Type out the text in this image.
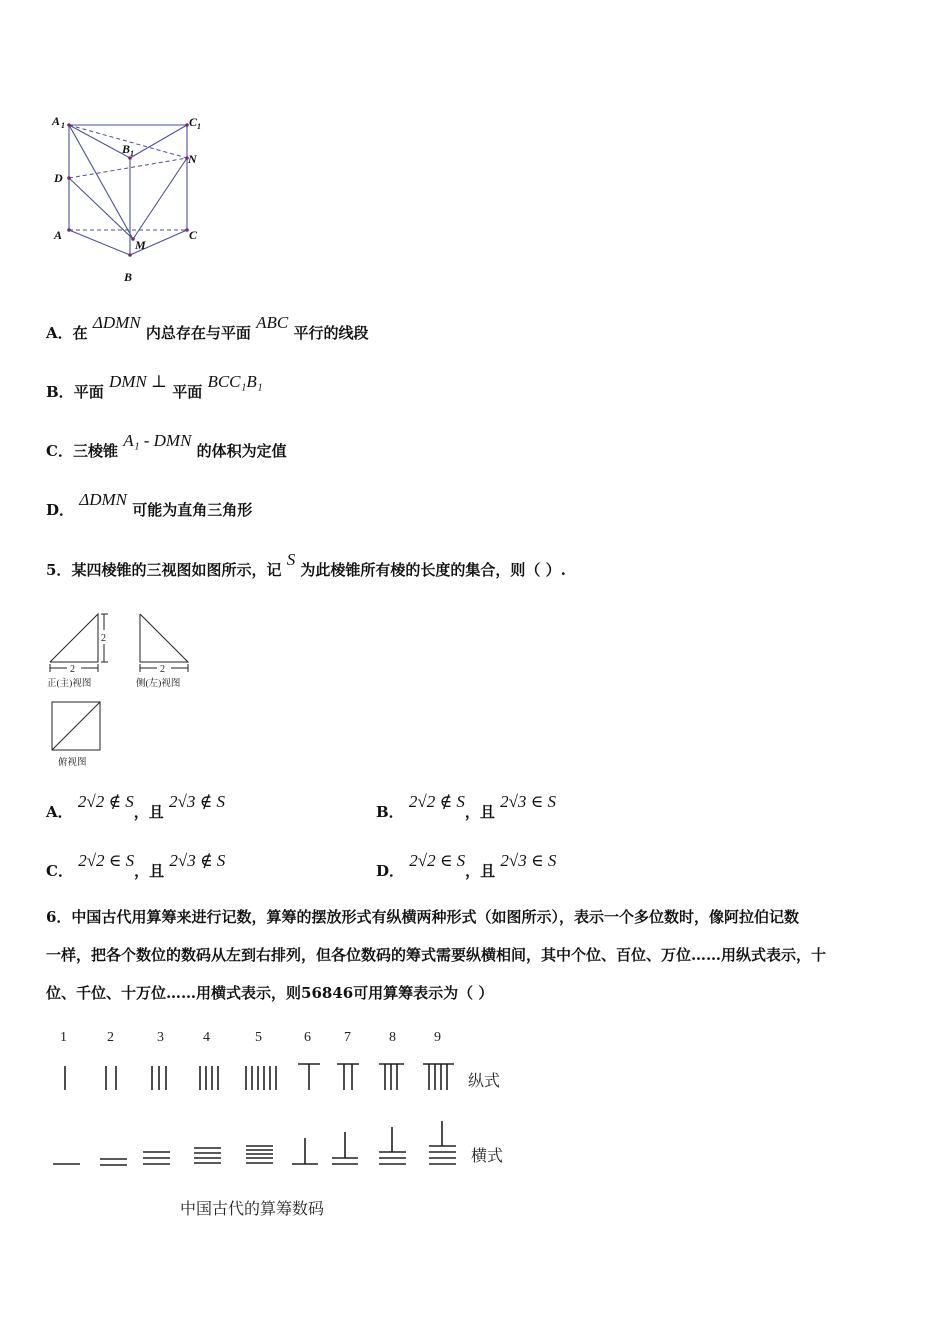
A 1	C 1
B 1	N
D
A
M
C
B
A．在 ΔDMN 内总存在与平面 ABC 平行的线段
B．平面 DMN ⊥ 平面 BCC₁B₁
C．三棱锥 A₁ - DMN 的体积为定值
D． ΔDMN 可能为直角三角形
5．某四棱锥的三视图如图所示，记 S 为此棱锥所有棱的长度的集合，则（ ）.
2
2
2
正(主)视图	侧(左)视图
俯视图
A． 2√2 ∉ S，且 2√3 ∉ S
B． 2√2 ∉ S，且 2√3 ∈ S
C． 2√2 ∈ S，且 2√3 ∉ S
D． 2√2 ∈ S，且 2√3 ∈ S
6．中国古代用算筹来进行记数，算筹的摆放形式有纵横两种形式（如图所示），表示一个多位数时，像阿拉伯记数
一样，把各个数位的数码从左到右排列，但各位数码的筹式需要纵横相间，其中个位、百位、万位……用纵式表示，十
位、千位、十万位……用横式表示，则56846可用算筹表示为（ ）
1	2	3	4	5	6 7	8	9
纵式
横式
中国古代的算筹数码
